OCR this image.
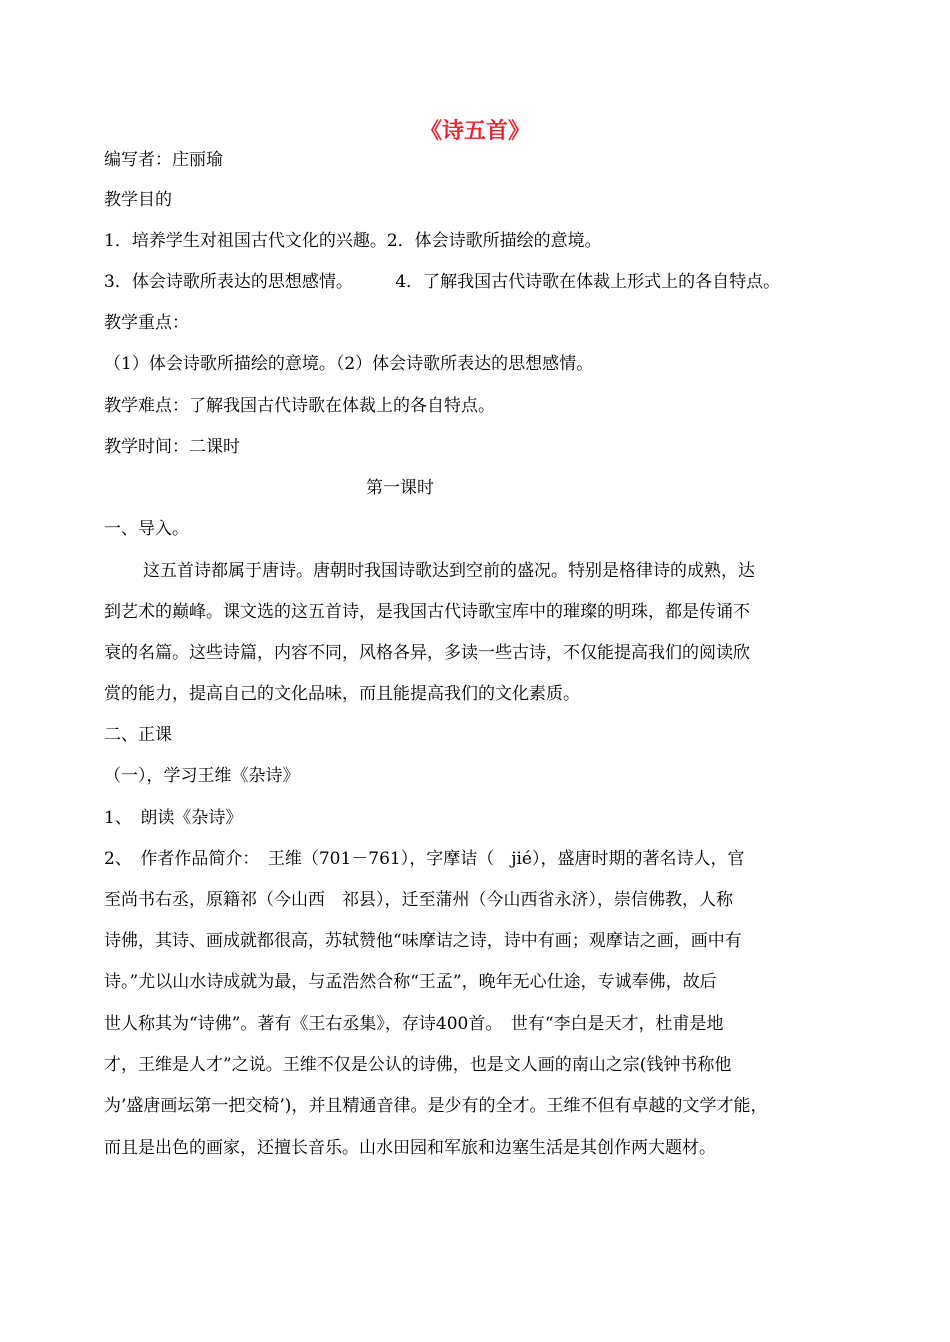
《诗五首》
编写者：庄丽瑜
教学目的
1．培养学生对祖国古代文化的兴趣。2．体会诗歌所描绘的意境。
3．体会诗歌所表达的思想感情。　　　4．了解我国古代诗歌在体裁上形式上的各自特点。
教学重点：
（1）体会诗歌所描绘的意境。（2）体会诗歌所表达的思想感情。
教学难点：了解我国古代诗歌在体裁上的各自特点。
教学时间：二课时
第一课时
一、导入。
这五首诗都属于唐诗。唐朝时我国诗歌达到空前的盛况。特别是格律诗的成熟，达
到艺术的巅峰。课文选的这五首诗，是我国古代诗歌宝库中的璀璨的明珠，都是传诵不
衰的名篇。这些诗篇，内容不同，风格各异，多读一些古诗，不仅能提高我们的阅读欣
赏的能力，提高自己的文化品味，而且能提高我们的文化素质。
二、正课
（一），学习王维《杂诗》
1、　朗读《杂诗》
2、　作者作品简介：　王维（701－761），字摩诘（　jié），盛唐时期的著名诗人，官
至尚书右丞，原籍祁（今山西　祁县），迁至蒲州（今山西省永济），崇信佛教，人称
诗佛，其诗、画成就都很高，苏轼赞他“味摩诘之诗，诗中有画；观摩诘之画，画中有
诗。”尤以山水诗成就为最，与孟浩然合称“王孟”，晚年无心仕途，专诚奉佛，故后
世人称其为“诗佛”。著有《王右丞集》，存诗400首。　世有“李白是天才，杜甫是地
才，王维是人才”之说。王维不仅是公认的诗佛，也是文人画的南山之宗(钱钟书称他
为’盛唐画坛第一把交椅’)，并且精通音律。是少有的全才。王维不但有卓越的文学才能，
而且是出色的画家，还擅长音乐。山水田园和军旅和边塞生活是其创作两大题材。
